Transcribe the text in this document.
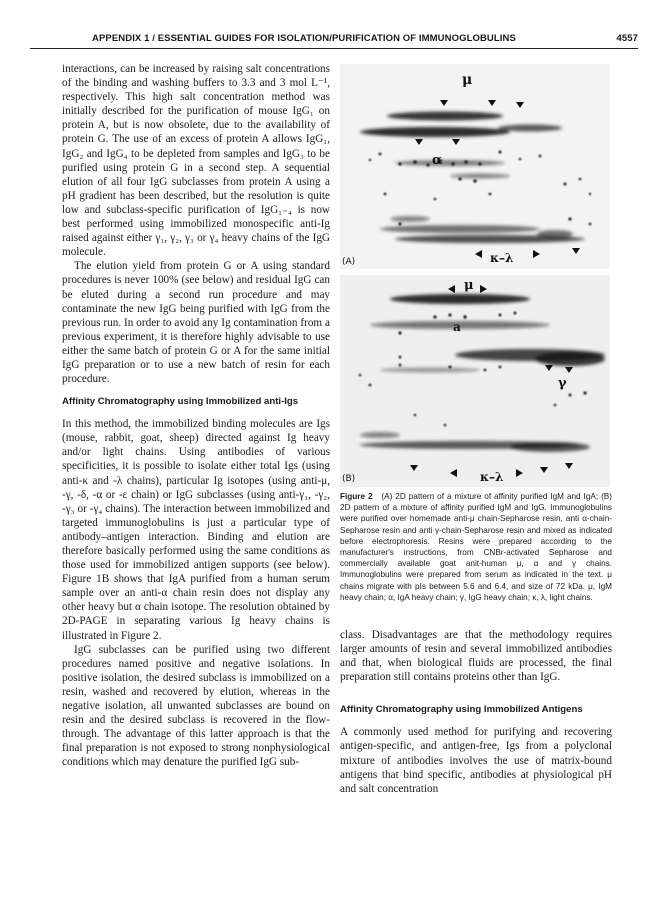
APPENDIX 1 / ESSENTIAL GUIDES FOR ISOLATION/PURIFICATION OF IMMUNOGLOBULINS	4557

interactions, can be increased by raising salt concentrations of the binding and washing buffers to 3.3 and 3 mol L⁻¹, respectively. This high salt concentration method was initially described for the purification of mouse IgG₁ on protein A, but is now obsolete, due to the availability of protein G. The use of an excess of protein A allows IgG₁, IgG₂ and IgG₄ to be depleted from samples and IgG₃ to be purified using protein G in a second step. A sequential elution of all four IgG subclasses from protein A using a pH gradient has been described, but the resolution is quite low and subclass-specific purification of IgG₁₋₄ is now best performed using immobilized monospecific anti-Ig raised against either γ₁, γ₂, γ₃ or γ₄ heavy chains of the IgG molecule.

The elution yield from protein G or A using standard procedures is never 100% (see below) and residual IgG can be eluted during a second run procedure and may contaminate the new IgG being purified with IgG from the previous run. In order to avoid any Ig contamination from a previous experiment, it is therefore highly advisable to use either the same batch of protein G or A for the same initial IgG preparation or to use a new batch of resin for each procedure.

Affinity Chromatography using Immobilized anti-Igs

In this method, the immobilized binding molecules are Igs (mouse, rabbit, goat, sheep) directed against Ig heavy and/or light chains. Using antibodies of various specificities, it is possible to isolate either total Igs (using anti-κ and -λ chains), particular Ig isotopes (using anti-μ, -γ, -δ, -α or -ε chain) or IgG subclasses (using anti-γ₁, -γ₂, -γ₃ or -γ₄ chains). The interaction between immobilized and targeted immunoglobulins is just a particular type of antibody–antigen interaction. Binding and elution are therefore basically performed using the same conditions as those used for immobilized antigen supports (see below). Figure 1B shows that IgA purified from a human serum sample over an anti-α chain resin does not display any other heavy but α chain isotope. The resolution obtained by 2D-PAGE in separating various Ig heavy chains is illustrated in Figure 2.

IgG subclasses can be purified using two different procedures named positive and negative isolations. In positive isolation, the desired subclass is immobilized on a resin, washed and recovered by elution, whereas in the negative isolation, all unwanted subclasses are bound on resin and the desired subclass is recovered in the flow-through. The advantage of this latter approach is that the final preparation is not exposed to strong nonphysiological conditions which may denature the purified IgG sub-

μ
α
κ–λ
(A)
μ
a
γ
κ–λ
(B)
Figure 2 (A) 2D pattern of a mixture of affinity purified IgM and IgA; (B) 2D pattern of a mixture of affinity purified IgM and IgG. Immunoglobulins were purified over homemade anti-μ chain-Sepharose resin, anti α-chain-Sepharose resin and anti γ-chain-Sepharose resin and mixed as indicated before electrophoresis. Resins were prepared according to the manufacturer's instructions, from CNBr-activated Sepharose and commercially available goat anit-human μ, α and γ chains. Immunoglobulins were prepared from serum as indicated in the text. μ chains migrate with pIs between 5.6 and 6.4, and size of 72 kDa. μ, IgM heavy chain; α, IgA heavy chain; γ, IgG heavy chain; κ, λ, light chains.

class. Disadvantages are that the methodology requires larger amounts of resin and several immobilized antibodies and that, when biological fluids are processed, the final preparation still contains proteins other than IgG.

Affinity Chromatography using Immobilized Antigens

A commonly used method for purifying and recovering antigen-specific, and antigen-free, Igs from a polyclonal mixture of antibodies involves the use of matrix-bound antigens that bind specific, antibodies at physiological pH and salt concentration
